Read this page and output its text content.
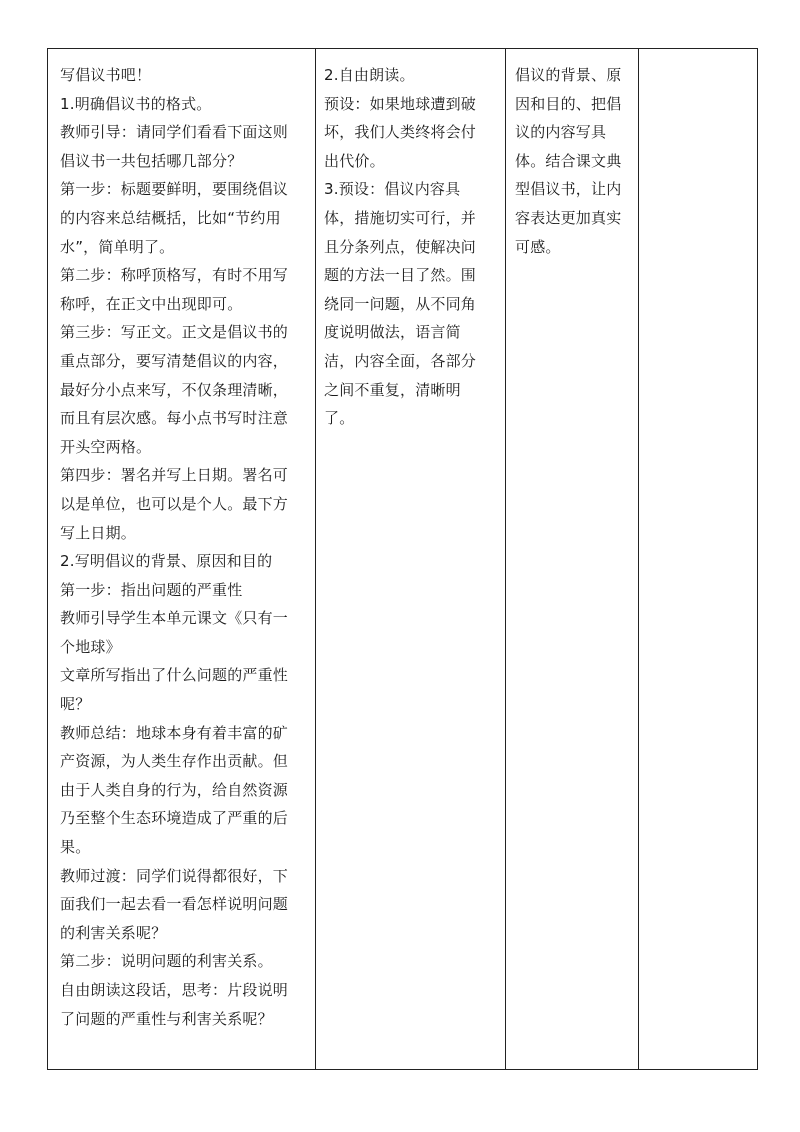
写倡议书吧！
1.明确倡议书的格式。
教师引导：请同学们看看下面这则
倡议书一共包括哪几部分？
第一步：标题要鲜明，要围绕倡议
的内容来总结概括，比如“节约用
水”，简单明了。
第二步：称呼顶格写，有时不用写
称呼，在正文中出现即可。
第三步：写正文。正文是倡议书的
重点部分，要写清楚倡议的内容，
最好分小点来写，不仅条理清晰，
而且有层次感。每小点书写时注意
开头空两格。
第四步：署名并写上日期。署名可
以是单位，也可以是个人。最下方
写上日期。
2.写明倡议的背景、原因和目的
第一步：指出问题的严重性
教师引导学生本单元课文《只有一
个地球》
文章所写指出了什么问题的严重性
呢？
教师总结：地球本身有着丰富的矿
产资源，为人类生存作出贡献。但
由于人类自身的行为，给自然资源
乃至整个生态环境造成了严重的后
果。
教师过渡：同学们说得都很好，下
面我们一起去看一看怎样说明问题
的利害关系呢？
第二步：说明问题的利害关系。
自由朗读这段话，思考：片段说明
了问题的严重性与利害关系呢？
2.自由朗读。
预设：如果地球遭到破
坏，我们人类终将会付
出代价。
3.预设：倡议内容具
体，措施切实可行，并
且分条列点，使解决问
题的方法一目了然。围
绕同一问题，从不同角
度说明做法，语言简
洁，内容全面，各部分
之间不重复，清晰明
了。
倡议的背景、原
因和目的、把倡
议的内容写具
体。结合课文典
型倡议书，让内
容表达更加真实
可感。
